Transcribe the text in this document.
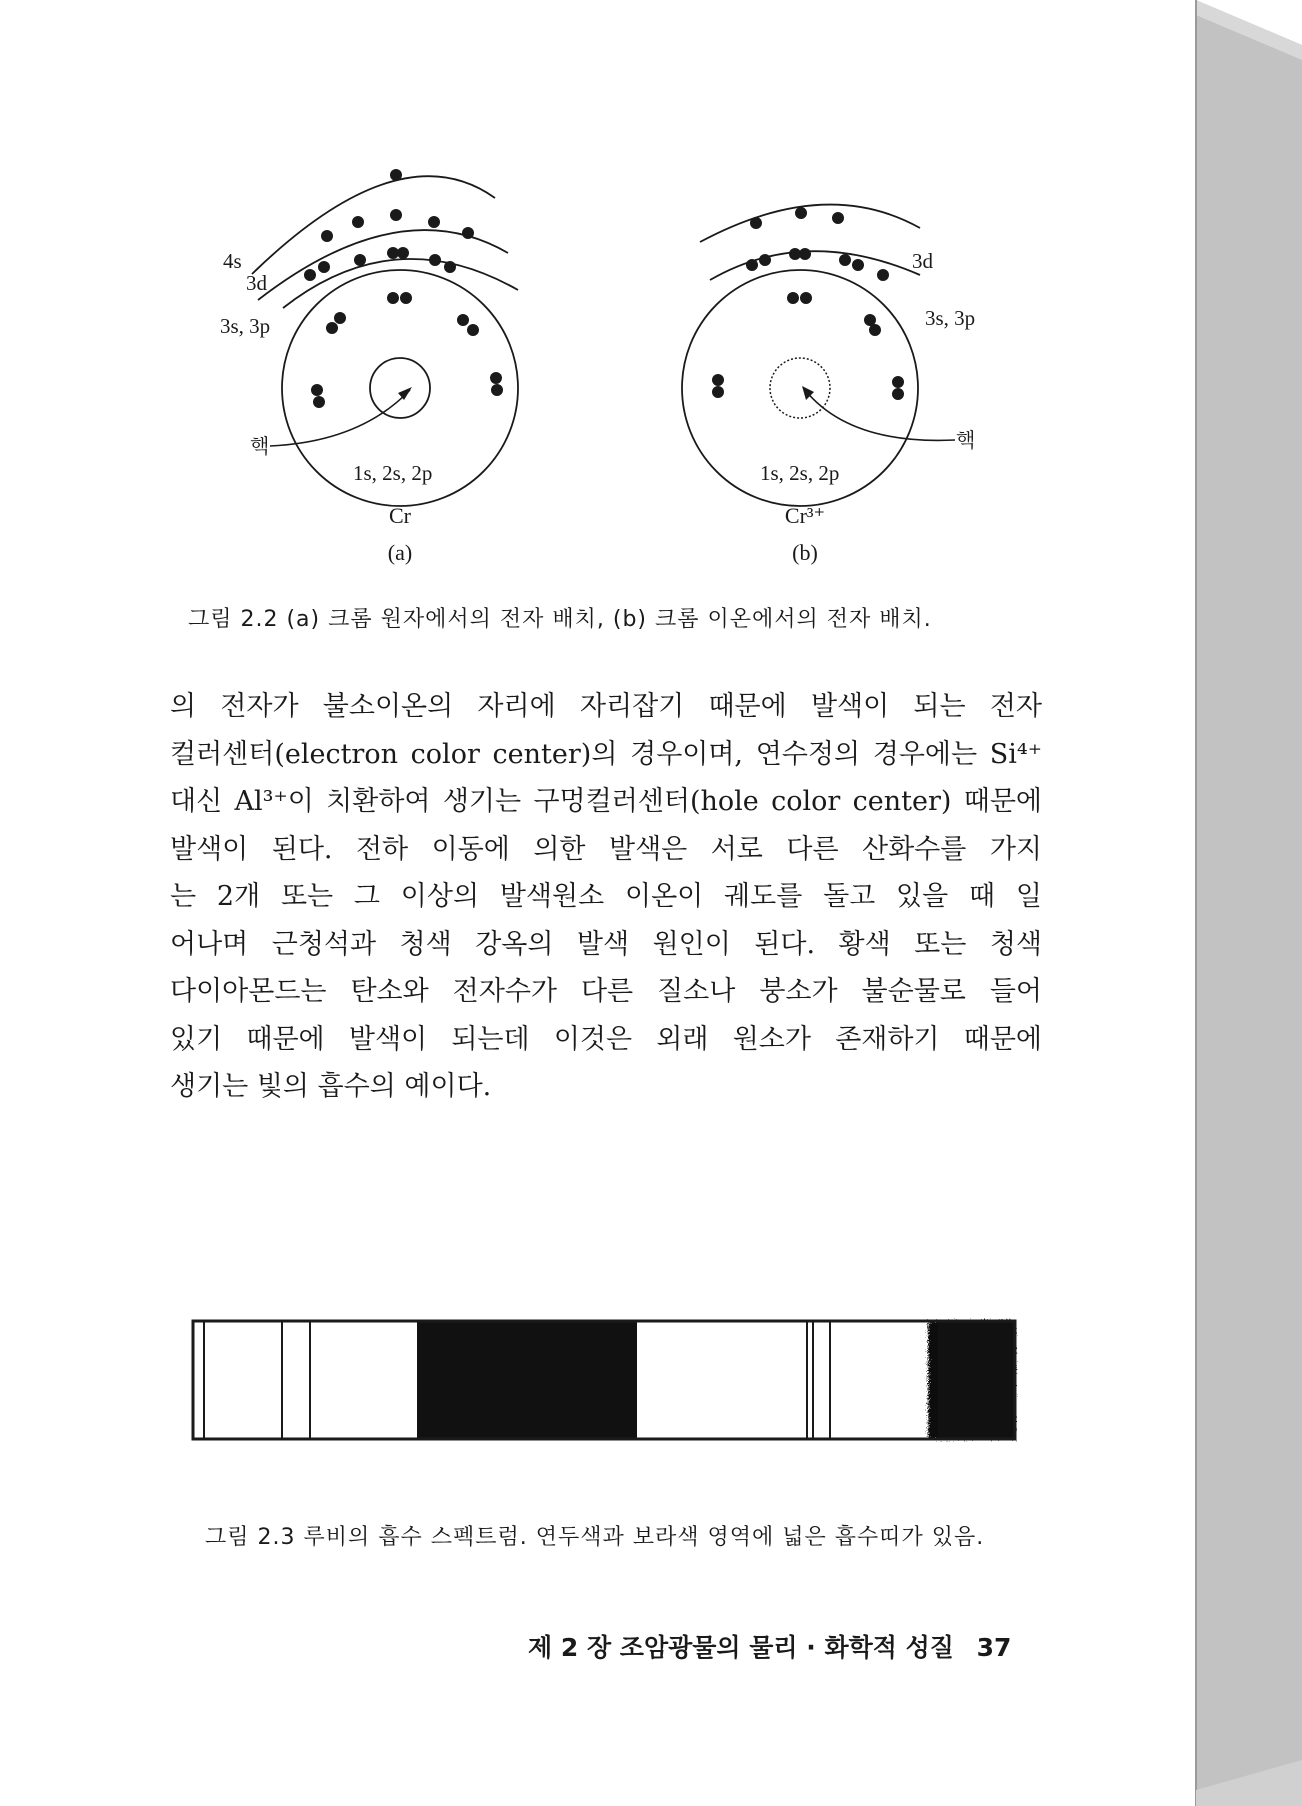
4s
3d
3s, 3p
핵
1s, 2s, 2p
Cr
(a)
3d
3s, 3p
핵
1s, 2s, 2p
Cr³⁺
(b)
그림 2.2 (a) 크롬 원자에서의 전자 배치, (b) 크롬 이온에서의 전자 배치.
의 전자가 불소이온의 자리에 자리잡기 때문에 발색이 되는 전자
컬러센터(electron color center)의 경우이며, 연수정의 경우에는 Si⁴⁺
대신 Al³⁺이 치환하여 생기는 구멍컬러센터(hole color center) 때문에
발색이 된다. 전하 이동에 의한 발색은 서로 다른 산화수를 가지
는 2개 또는 그 이상의 발색원소 이온이 궤도를 돌고 있을 때 일
어나며 근청석과 청색 강옥의 발색 원인이 된다. 황색 또는 청색
다이아몬드는 탄소와 전자수가 다른 질소나 붕소가 불순물로 들어
있기 때문에 발색이 되는데 이것은 외래 원소가 존재하기 때문에
생기는 빛의 흡수의 예이다.
그림 2.3 루비의 흡수 스펙트럼. 연두색과 보라색 영역에 넓은 흡수띠가 있음.
제 2 장 조암광물의 물리 · 화학적 성질 37
